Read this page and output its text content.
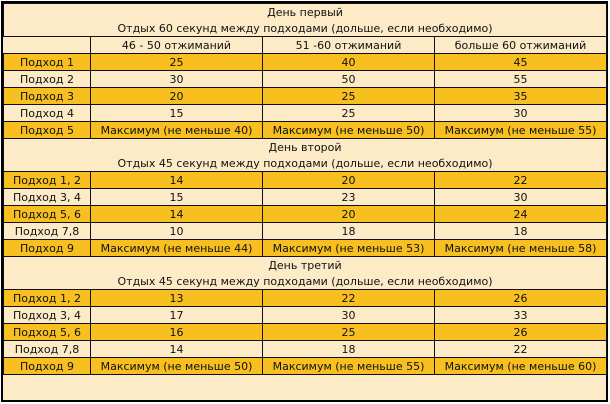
День первый			
Отдых 60 секунд между подходами (дольше, если необходимо)			
	46 - 50 отжиманий	51 -60 отжиманий	больше 60 отжиманий
Подход 1	25	40	45
Подход 2	30	50	55
Подход 3	20	25	35
Подход 4	15	25	30
Подход 5	Максимум (не меньше 40)	Максимум (не меньше 50)	Максимум (не меньше 55)
День второй			
Отдых 45 секунд между подходами (дольше, если необходимо)			
Подход 1, 2	14	20	22
Подход 3, 4	15	23	30
Подход 5, 6	14	20	24
Подход 7,8	10	18	18
Подход 9	Максимум (не меньше 44)	Максимум (не меньше 53)	Максимум (не меньше 58)
День третий			
Отдых 45 секунд между подходами (дольше, если необходимо)			
Подход 1, 2	13	22	26
Подход 3, 4	17	30	33
Подход 5, 6	16	25	26
Подход 7,8	14	18	22
Подход 9	Максимум (не меньше 50)	Максимум (не меньше 55)	Максимум (не меньше 60)
